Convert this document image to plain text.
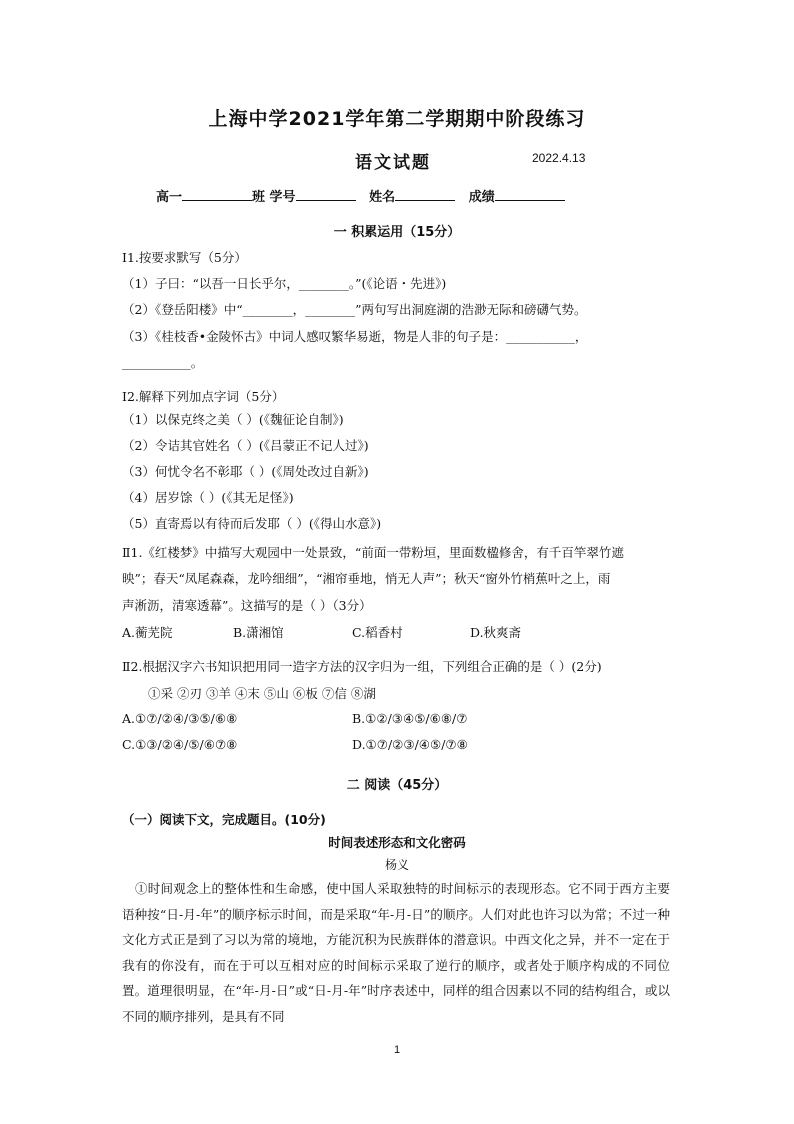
上海中学2021学年第二学期期中阶段练习
语文试题	2022.4.13
高一	班 学号	姓名	成绩
一 积累运用（15分）
Ⅰ1.按要求默写（5分）
（1）子曰：“以吾一日长乎尔，________。”(《论语・先进》)
（2）《登岳阳楼》中“________，________”两句写出洞庭湖的浩渺无际和磅礴气势。
（3）《桂枝香•金陵怀古》中词人感叹繁华易逝，物是人非的句子是：___________，
___________。
Ⅰ2.解释下列加点字词（5分）
（1）以保克终之美（ ）(《魏征论自制》)
（2）令诘其官姓名（ ）(《吕蒙正不记人过》)
（3）何忧令名不彰耶（ ）(《周处改过自新》)
（4）居岁馀（ ）(《其无足怪》)
（5）直寄焉以有待而后发耶（ ）(《得山水意》)
Ⅱ1.《红楼梦》中描写大观园中一处景致，“前面一带粉垣，里面数楹修舍，有千百竿翠竹遮
映”；春天“凤尾森森，龙吟细细”，“湘帘垂地，悄无人声”；秋天“窗外竹梢蕉叶之上，雨
声淅沥，清寒透幕”。这描写的是（ ）（3分）
A.蘅芜院	B.潇湘馆	C.稻香村	D.秋爽斋
Ⅱ2.根据汉字六书知识把用同一造字方法的汉字归为一组，下列组合正确的是（ ）(2分)
①采 ②刃 ③羊 ④末 ⑤山 ⑥板 ⑦信 ⑧湖
A.①⑦/②④/③⑤/⑥⑧	B.①②/③④⑤/⑥⑧/⑦
C.①③/②④/⑤/⑥⑦⑧	D.①⑦/②③/④⑤/⑦⑧
二 阅读（45分）
（一）阅读下文，完成题目。(10分)
时间表述形态和文化密码
杨义
①时间观念上的整体性和生命感，使中国人采取独特的时间标示的表现形态。它不同于西方主要语种按“日-月-年”的顺序标示时间，而是采取“年-月-日”的顺序。人们对此也许习以为常；不过一种文化方式正是到了习以为常的境地，方能沉积为民族群体的潜意识。中西文化之异，并不一定在于我有的你没有，而在于可以互相对应的时间标示采取了逆行的顺序，或者处于顺序构成的不同位置。道理很明显，在“年-月-日”或“日-月-年”时序表述中，同样的组合因素以不同的结构组合，或以不同的顺序排列，是具有不同
1
